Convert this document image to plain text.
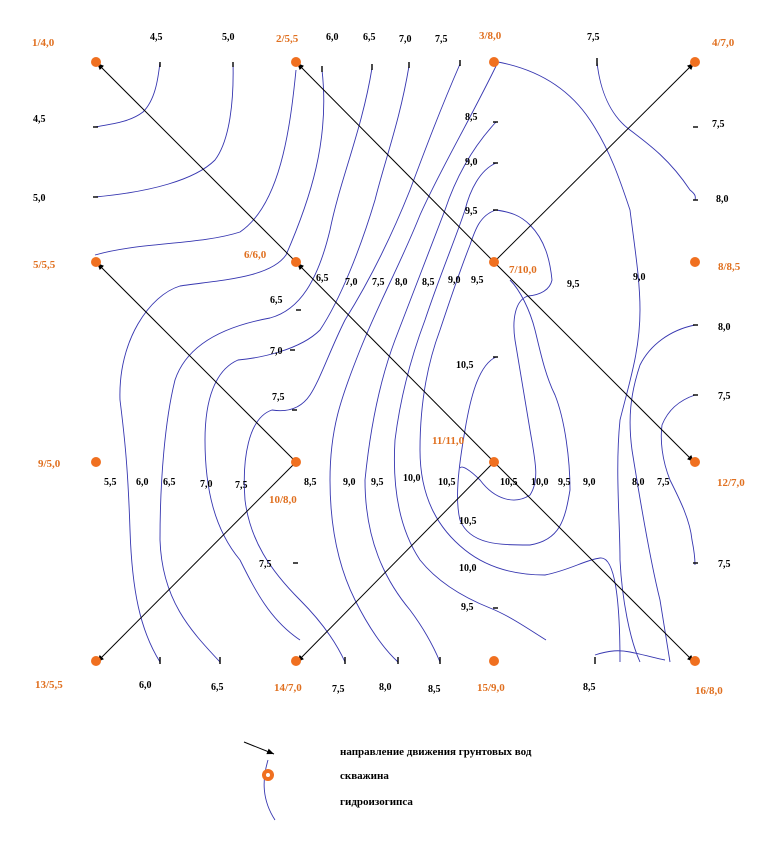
1/4,0	2/5,5	3/8,0
4/7,0
5/5,5
6/6,0
7/10,0	8/8,5
9/5,0
10/8,0
11/11,0
12/7,0
13/5,5	14/7,0	15/9,0	16/8,0
4,5	5,0	6,0 6,5 7,0 7,5	7,5
4,5
5,0
7,5
8,0
8,0
7,5
7,5
8,5
9,0
9,5
6,5 7,0 7,5 8,0 8,5 9,0 9,5	9,5
9,0
6,5
7,0
7,5
10,5
5,5 6,0 6,5 7,0 7,5	8,5	9,0 9,5 10,0 10,5	10,5 10,0 9,5 9,0	8,0 7,5
7,5
10,5
10,0
9,5
6,0	6,5	7,5	8,0	8,5	8,5
направление движения грунтовых вод
скважина
гидроизогипса
